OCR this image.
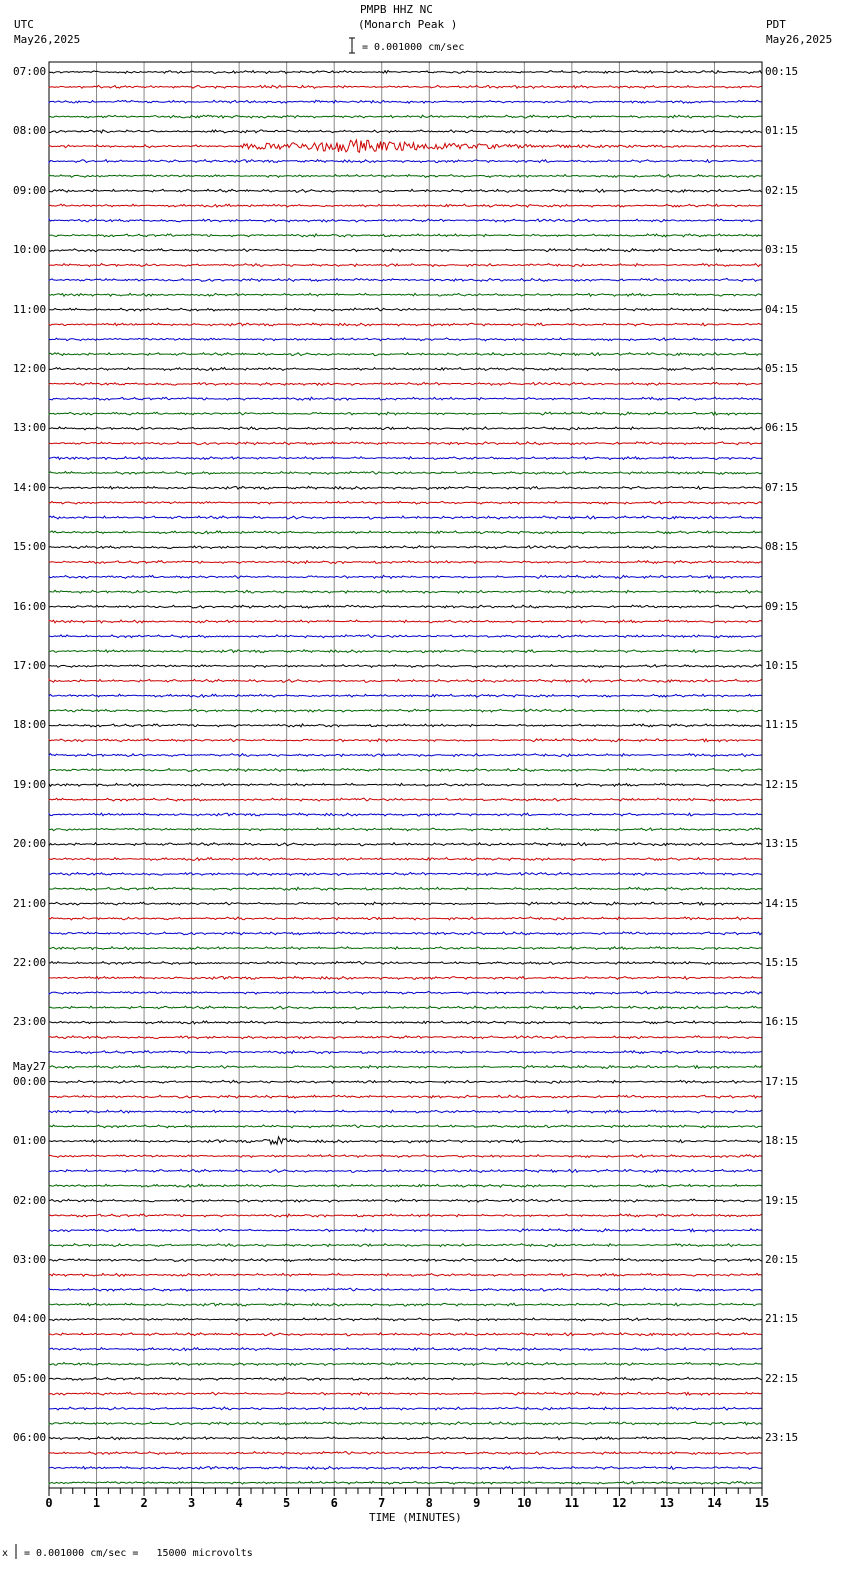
PMPB HHZ NC
(Monarch Peak )
UTC
May26,2025
PDT
May26,2025
= 0.001000 cm/sec
x = 0.001000 cm/sec =   15000 microvolts
TIME (MINUTES)
0	1	2	3	4	5	6	7	8	9	10	11	12	13	14	15
07:00
08:00
09:00
10:00
11:00
12:00
13:00
14:00
15:00
16:00
17:00
18:00
19:00
20:00
21:00
22:00
23:00
00:00
01:00
02:00
03:00
04:00
05:00
06:00
00:15
01:15
02:15
03:15
04:15
05:15
06:15
07:15
08:15
09:15
10:15
11:15
12:15
13:15
14:15
15:15
16:15
17:15
18:15
19:15
20:15
21:15
22:15
23:15
May27
